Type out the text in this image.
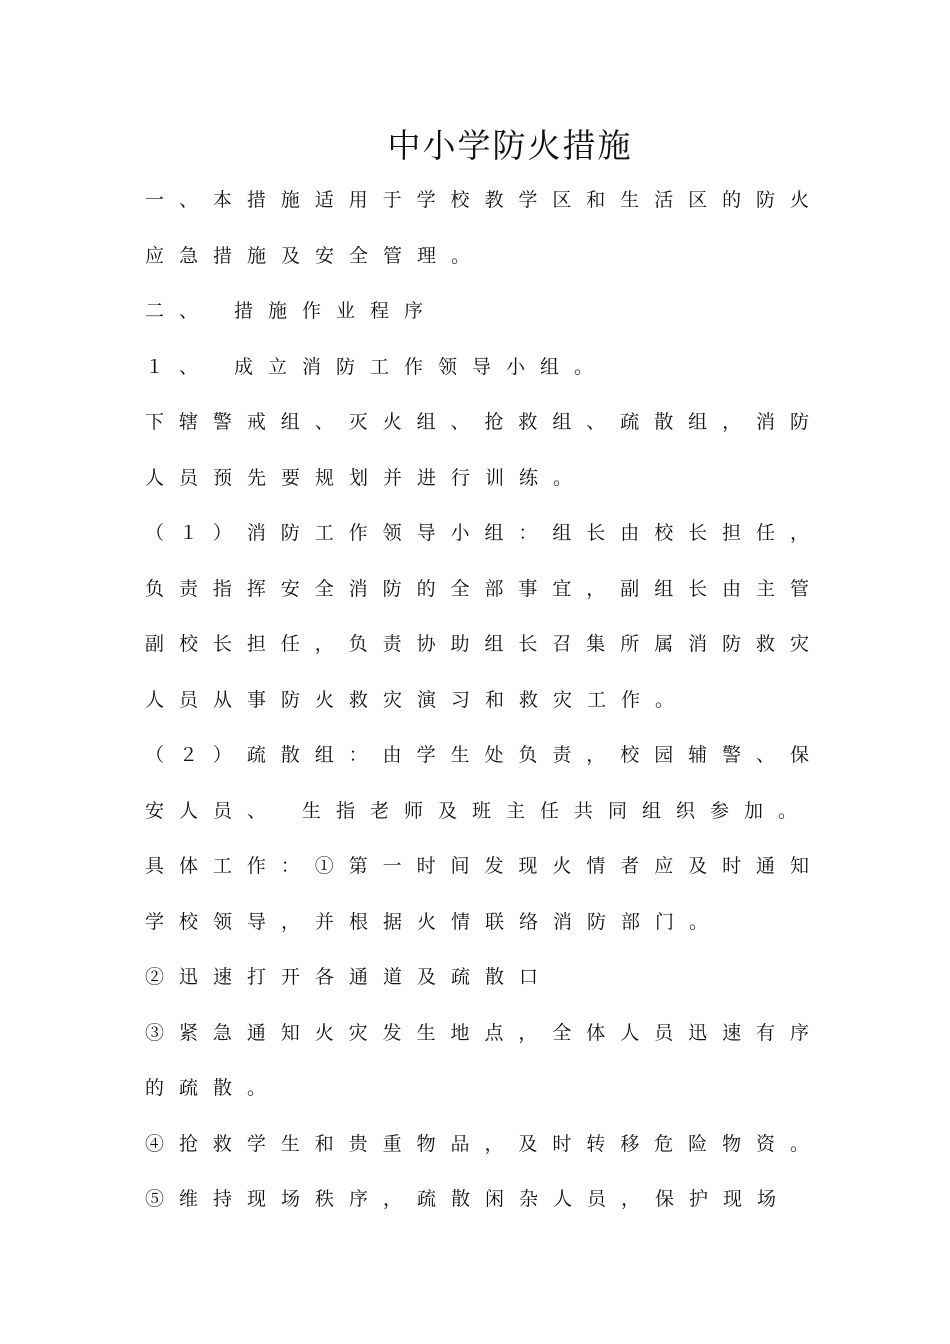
中小学防火措施
一 、 本 措 施 适 用 于 学 校 教 学 区 和 生 活 区 的 防 火
应急措施及安全管理。
二、 措施作业程序
１、 成立消防工作领导小组。
下 辖 警 戒 组 、 灭 火 组 、 抢 救 组 、 疏 散 组 ， 消 防
人员预先要规划并进行训练。
（ １ ） 消 防 工 作 领 导 小 组 ： 组 长 由 校 长 担 任 ，
负 责 指 挥 安 全 消 防 的 全 部 事 宜 ， 副 组 长 由 主 管
副 校 长 担 任 ， 负 责 协 助 组 长 召 集 所 属 消 防 救 灾
人员从事防火救灾演习和救灾工作。
（ ２ ） 疏 散 组 ： 由 学 生 处 负 责 ， 校 园 辅 警 、 保
安人员、 生指老师及班主任共同组织参加。
具 体 工 作 ： ① 第 一 时 间 发 现 火 情 者 应 及 时 通 知
学校领导，并根据火情联络消防部门。
②迅速打开各通道及疏散口
③ 紧 急 通 知 火 灾 发 生 地 点 ， 全 体 人 员 迅 速 有 序
的疏散。
④ 抢 救 学 生 和 贵 重 物 品 ， 及 时 转 移 危 险 物 资 。
⑤维持现场秩序，疏散闲杂人员，保护现场
